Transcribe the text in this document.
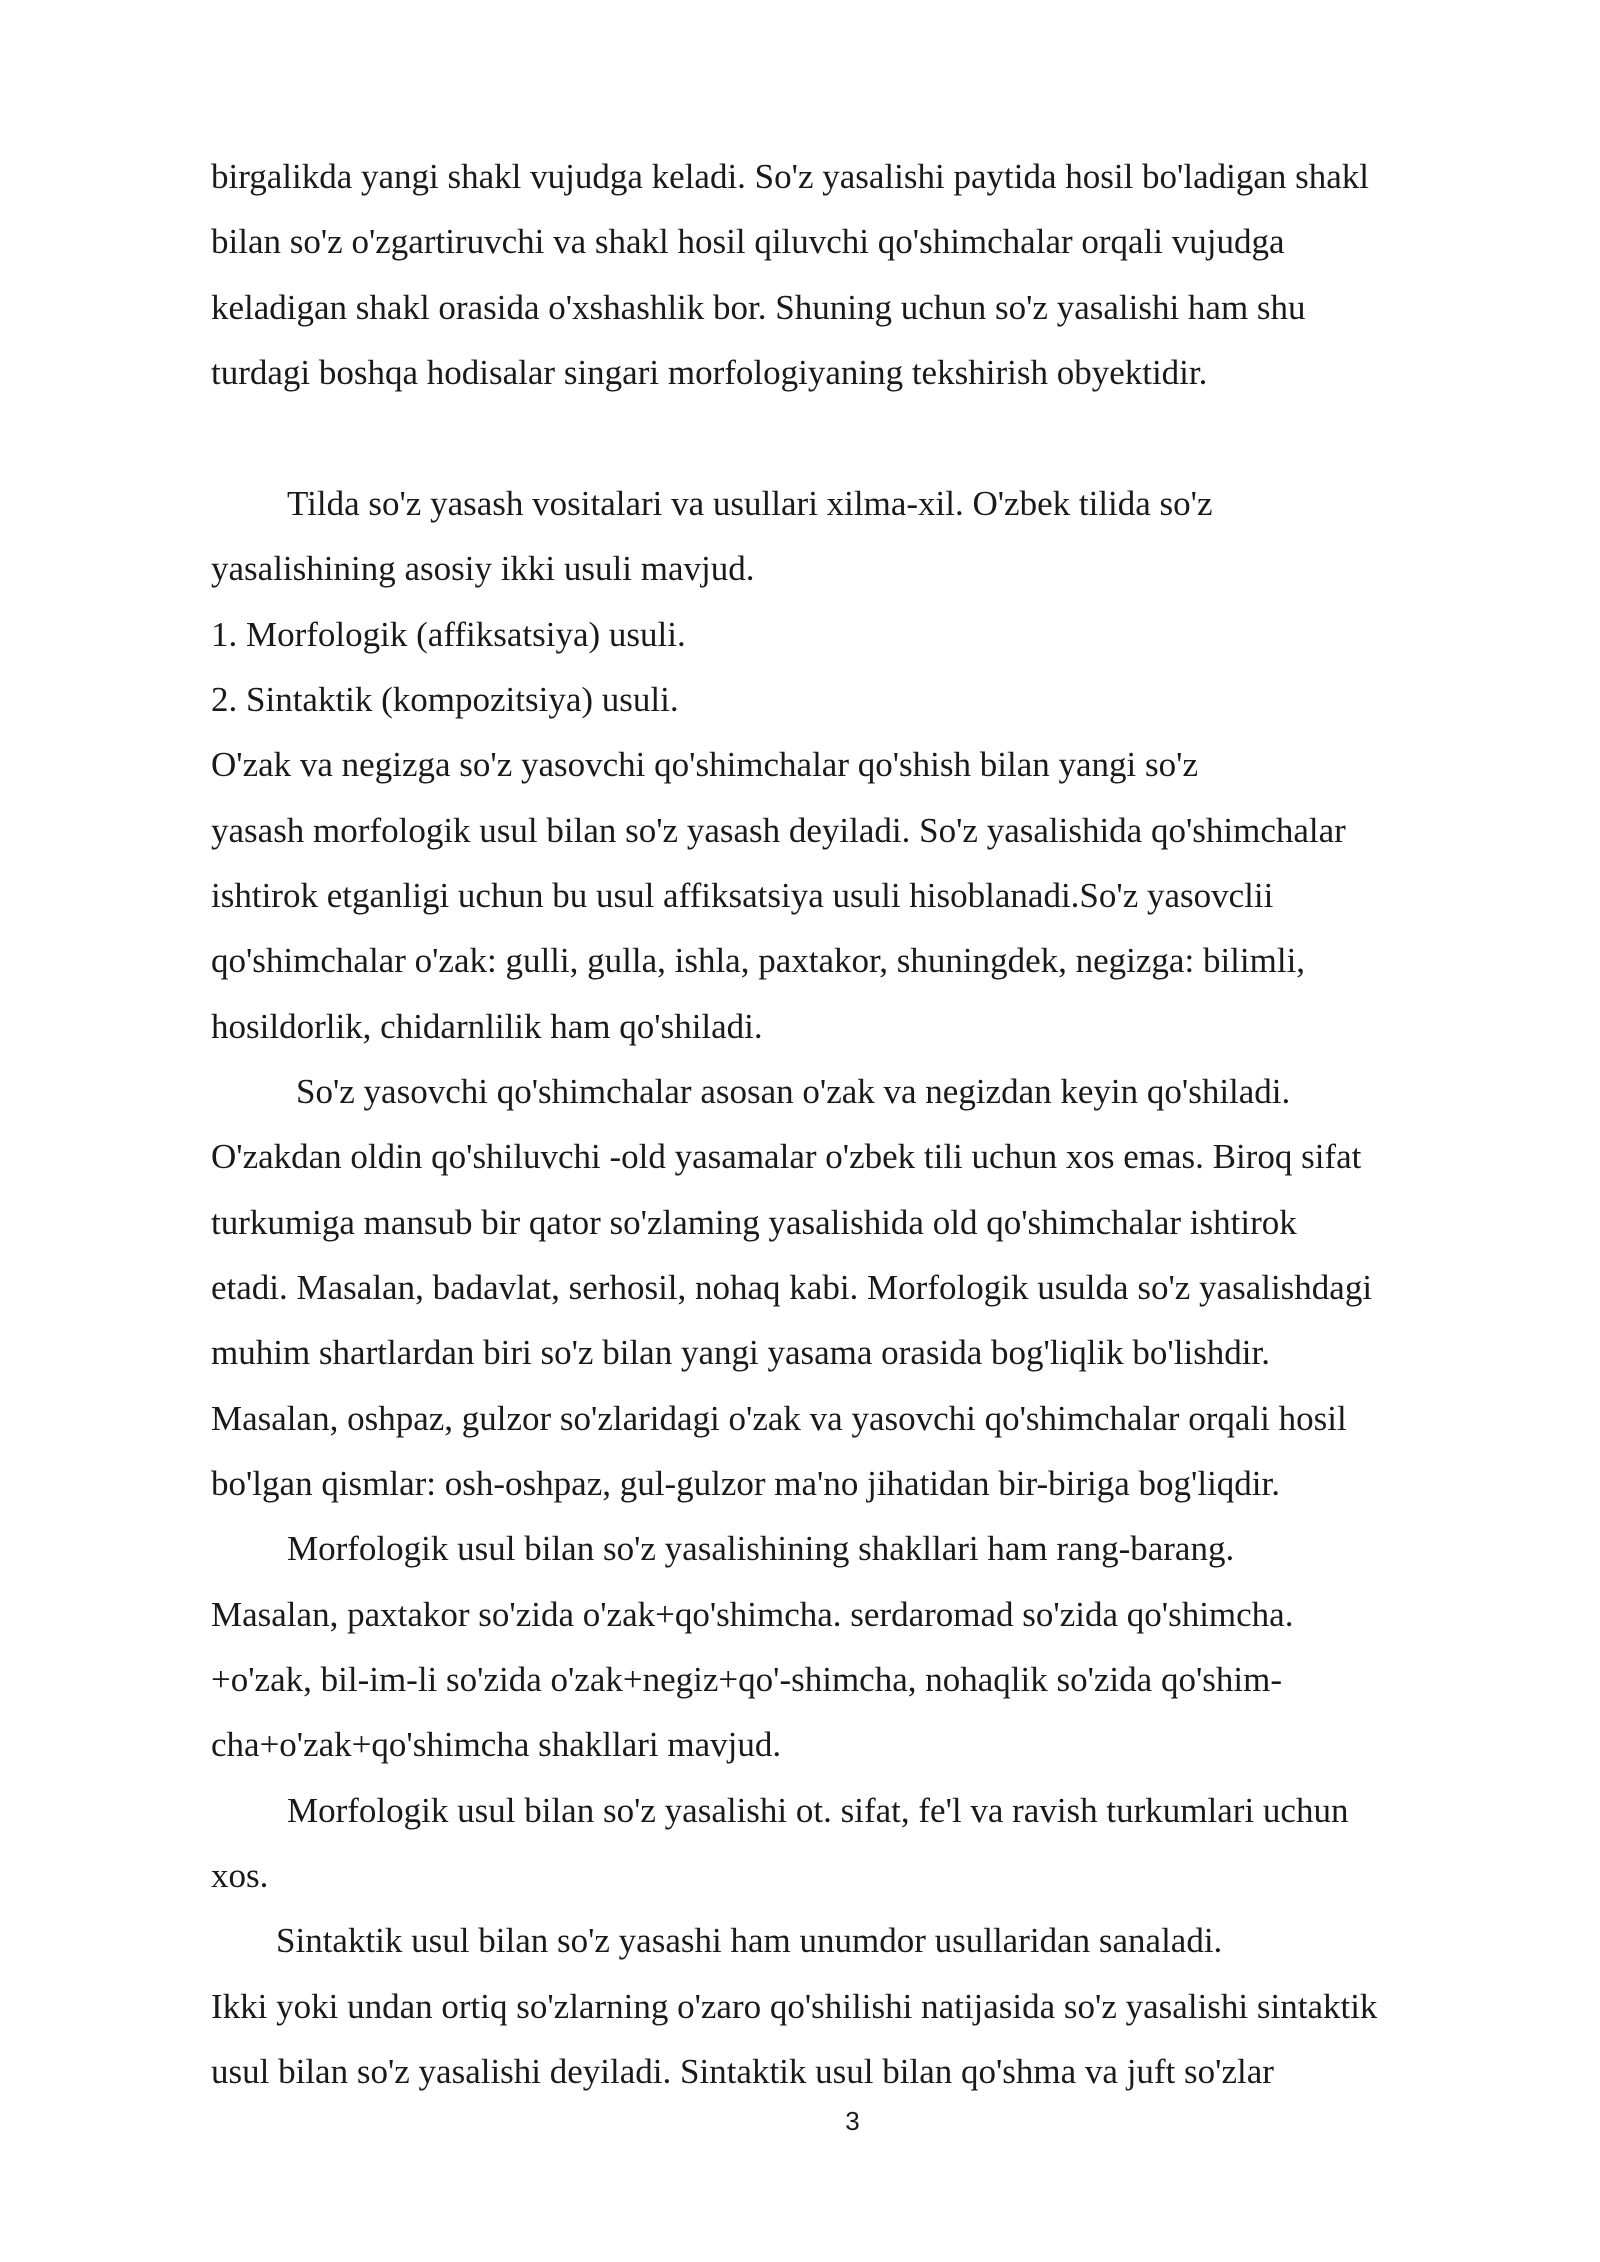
birgalikda yangi shakl vujudga keladi. So'z yasalishi paytida hosil bo'ladigan shakl

bilan so'z o'zgartiruvchi va shakl hosil qiluvchi qo'shimchalar orqali vujudga

keladigan shakl orasida o'xshashlik bor. Shuning uchun so'z yasalishi ham shu

turdagi boshqa hodisalar singari morfologiyaning tekshirish obyektidir.

Tilda so'z yasash vositalari va usullari xilma-xil. O'zbek tilida so'z

yasalishining asosiy ikki usuli mavjud.

1. Morfologik (affiksatsiya) usuli.

2. Sintaktik (kompozitsiya) usuli.

O'zak va negizga so'z yasovchi qo'shimchalar qo'shish bilan yangi so'z

yasash morfologik usul bilan so'z yasash deyiladi. So'z yasalishida qo'shimchalar

ishtirok etganligi uchun bu usul affiksatsiya usuli hisoblanadi.So'z yasovclii

qo'shimchalar o'zak: gulli, gulla, ishla, paxtakor, shuningdek, negizga: bilimli,

hosildorlik, chidarnlilik ham qo'shiladi.

So'z yasovchi qo'shimchalar asosan o'zak va negizdan keyin qo'shiladi.

O'zakdan oldin qo'shiluvchi -old yasamalar o'zbek tili uchun xos emas. Biroq sifat

turkumiga mansub bir qator so'zlaming yasalishida old qo'shimchalar ishtirok

etadi. Masalan, badavlat, serhosil, nohaq kabi. Morfologik usulda so'z yasalishdagi

muhim shartlardan biri so'z bilan yangi yasama orasida bog'liqlik bo'lishdir.

Masalan, oshpaz, gulzor so'zlaridagi o'zak va yasovchi qo'shimchalar orqali hosil

bo'lgan qismlar: osh-oshpaz, gul-gulzor ma'no jihatidan bir-biriga bog'liqdir.

Morfologik usul bilan so'z yasalishining shakllari ham rang-barang.

Masalan, paxtakor so'zida o'zak+qo'shimcha. serdaromad so'zida qo'shimcha.

+o'zak, bil-im-li so'zida o'zak+negiz+qo'-shimcha, nohaqlik so'zida qo'shim-

cha+o'zak+qo'shimcha shakllari mavjud.

Morfologik usul bilan so'z yasalishi ot. sifat, fe'l va ravish turkumlari uchun

xos.

Sintaktik usul bilan so'z yasashi ham unumdor usullaridan sanaladi.

Ikki yoki undan ortiq so'zlarning o'zaro qo'shilishi natijasida so'z yasalishi sintaktik

usul bilan so'z yasalishi deyiladi. Sintaktik usul bilan qo'shma va juft so'zlar

3
